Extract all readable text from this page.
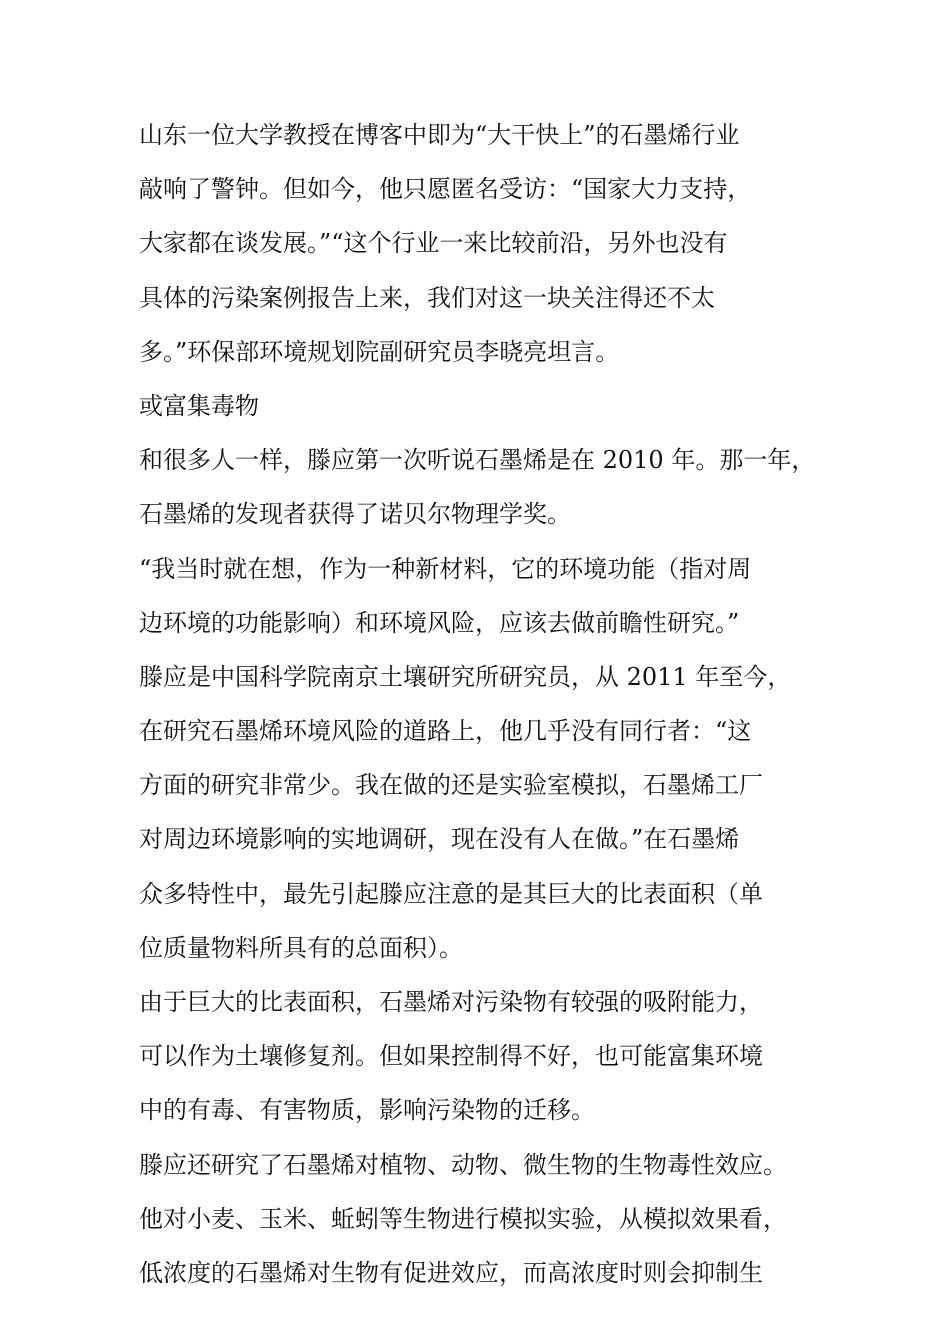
山东一位大学教授在博客中即为“大干快上”的石墨烯行业
敲响了警钟。但如今，他只愿匿名受访：“国家大力支持，
大家都在谈发展。”“这个行业一来比较前沿，另外也没有
具体的污染案例报告上来，我们对这一块关注得还不太
多。”环保部环境规划院副研究员李晓亮坦言。
或富集毒物
和很多人一样，滕应第一次听说石墨烯是在 2010 年。那一年，
石墨烯的发现者获得了诺贝尔物理学奖。
“我当时就在想，作为一种新材料，它的环境功能（指对周
边环境的功能影响）和环境风险，应该去做前瞻性研究。”
滕应是中国科学院南京土壤研究所研究员，从 2011 年至今，
在研究石墨烯环境风险的道路上，他几乎没有同行者：“这
方面的研究非常少。我在做的还是实验室模拟，石墨烯工厂
对周边环境影响的实地调研，现在没有人在做。”在石墨烯
众多特性中，最先引起滕应注意的是其巨大的比表面积（单
位质量物料所具有的总面积）。
由于巨大的比表面积，石墨烯对污染物有较强的吸附能力，
可以作为土壤修复剂。但如果控制得不好，也可能富集环境
中的有毒、有害物质，影响污染物的迁移。
滕应还研究了石墨烯对植物、动物、微生物的生物毒性效应。
他对小麦、玉米、蚯蚓等生物进行模拟实验，从模拟效果看，
低浓度的石墨烯对生物有促进效应，而高浓度时则会抑制生
